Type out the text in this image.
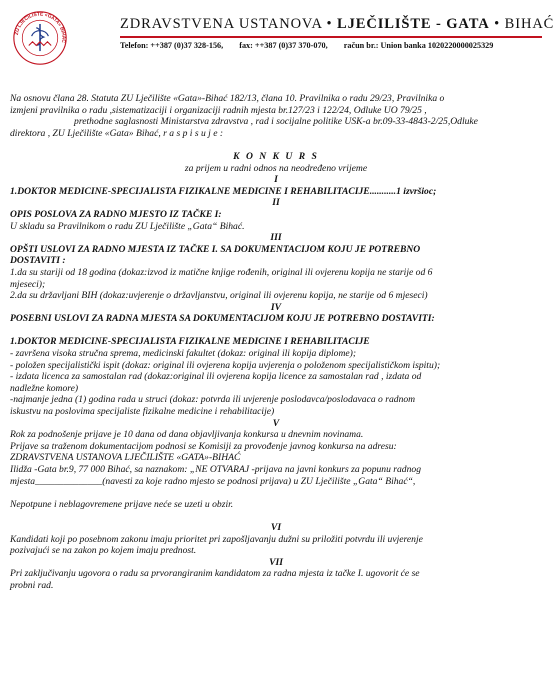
ZU LJEČILIŠTE «GATA» BIHAĆ
ZDRAVSTVENA USTANOVA • LJEČILIŠTE - GATA • BIHAĆ
Telefon: ++387 (0)37 328-156, fax: ++387 (0)37 370-070, račun br.: Union banka 1020220000025329

Na osnovu člana 28. Statuta ZU Lječilište «Gata»-Bihać 182/13, člana 10. Pravilnika o radu 29/23, Pravilnika o

izmjeni pravilnika o radu ,sistematizaciji i organizaciji radnih mjesta br.127/23 i 122/24, Odluke UO 79/25 ,

prethodne saglasnosti Ministarstva zdravstva , rad i socijalne politike USK-a br.09-33-4843-2/25,Odluke

direktora , ZU Lječilište «Gata» Bihać, r a s p i s u j e :

K O N K U R S

za prijem u radni odnos na neodređeno vrijeme

I

1.DOKTOR MEDICINE-SPECIJALISTA FIZIKALNE MEDICINE I REHABILITACIJE...........1 izvršioc;

II

OPIS POSLOVA ZA RADNO MJESTO IZ TAČKE I:

U skladu sa Pravilnikom o radu ZU Lječilište „Gata“ Bihać.

III

OPŠTI USLOVI ZA RADNO MJESTA IZ TAČKE I. SA DOKUMENTACIJOM KOJU JE POTREBNO

DOSTAVITI :

1.da su stariji od 18 godina (dokaz:izvod iz matične knjige rođenih, original ili ovjerenu kopija ne starije od 6

mjeseci);

2.da su državljani BIH (dokaz:uvjerenje o državljanstvu, original ili ovjerenu kopija, ne starije od 6 mjeseci)

IV

POSEBNI USLOVI ZA RADNA MJESTA SA DOKUMENTACIJOM KOJU JE POTREBNO DOSTAVITI:

1.DOKTOR MEDICINE-SPECIJALISTA FIZIKALNE MEDICINE I REHABILITACIJE

- završena visoka stručna sprema, medicinski fakultet (dokaz: original ili kopija diplome);

- položen specijalistički ispit (dokaz: original ili ovjerena kopija uvjerenja o položenom specijalističkom ispitu);

- izdata licenca za samostalan rad (dokaz:original ili ovjerena kopija licence za samostalan rad , izdata od

nadležne komore)

-najmanje jedna (1) godina rada u struci (dokaz: potvrda ili uvjerenje poslodavca/poslodavaca o radnom

iskustvu na poslovima specijaliste fizikalne medicine i rehabilitacije)

V

Rok za podnošenje prijave je 10 dana od dana objavljivanja konkursa u dnevnim novinama.

Prijave sa traženom dokumentacijom podnosi se Komisiji za provođenje javnog konkursa na adresu:

ZDRAVSTVENA USTANOVA LJEČILIŠTE «GATA»-BIHAĆ

Ilidža -Gata br.9, 77 000 Bihać, sa naznakom: „NE OTVARAJ -prijava na javni konkurs za popunu radnog

mjesta______________(navesti za koje radno mjesto se podnosi prijava) u ZU Lječilište „Gata“ Bihać“,

Nepotpune i neblagovremene prijave neće se uzeti u obzir.

VI

Kandidati koji po posebnom zakonu imaju prioritet pri zapošljavanju dužni su priložiti potvrdu ili uvjerenje

pozivajući se na zakon po kojem imaju prednost.

VII

Pri zaključivanju ugovora o radu sa prvorangiranim kandidatom za radna mjesta iz tačke I. ugovorit će se

probni rad.
